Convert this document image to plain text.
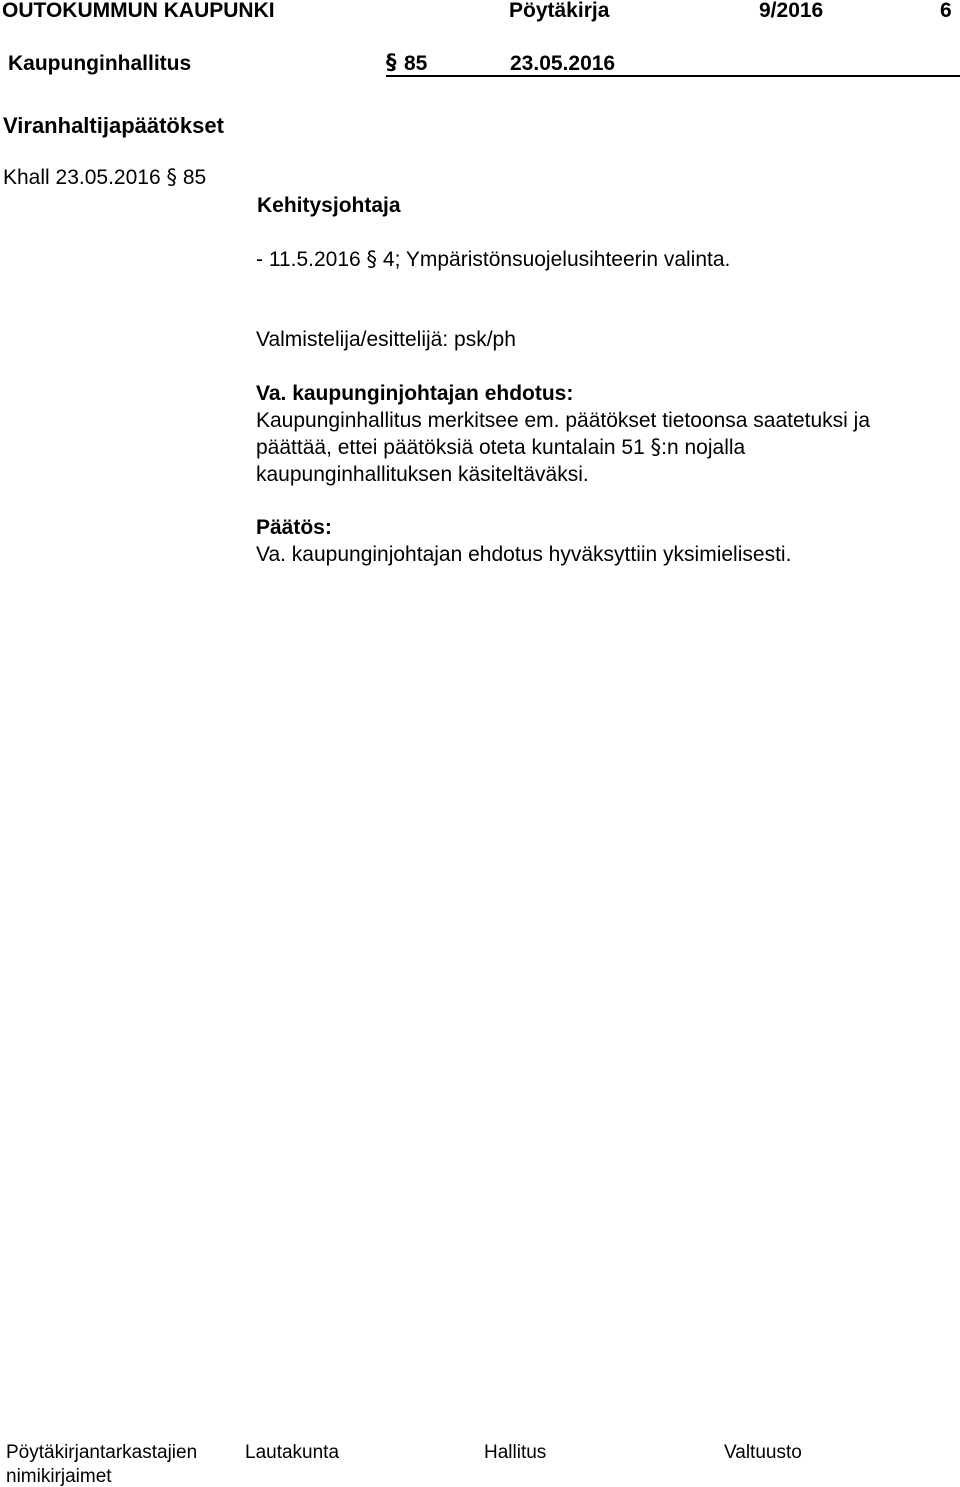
OUTOKUMMUN KAUPUNKI	Pöytäkirja	9/2016	6
Kaupunginhallitus	§ 85	23.05.2016
Viranhaltijapäätökset
Khall 23.05.2016 § 85
Kehitysjohtaja
- 11.5.2016 § 4; Ympäristönsuojelusihteerin valinta.
Valmistelija/esittelijä: psk/ph
Va. kaupunginjohtajan ehdotus:
Kaupunginhallitus merkitsee em. päätökset tietoonsa saatetuksi ja
päättää, ettei päätöksiä oteta kuntalain 51 §:n nojalla
kaupunginhallituksen käsiteltäväksi.
Päätös:
Va. kaupunginjohtajan ehdotus hyväksyttiin yksimielisesti.
Pöytäkirjantarkastajien
nimikirjaimet
Lautakunta	Hallitus	Valtuusto
